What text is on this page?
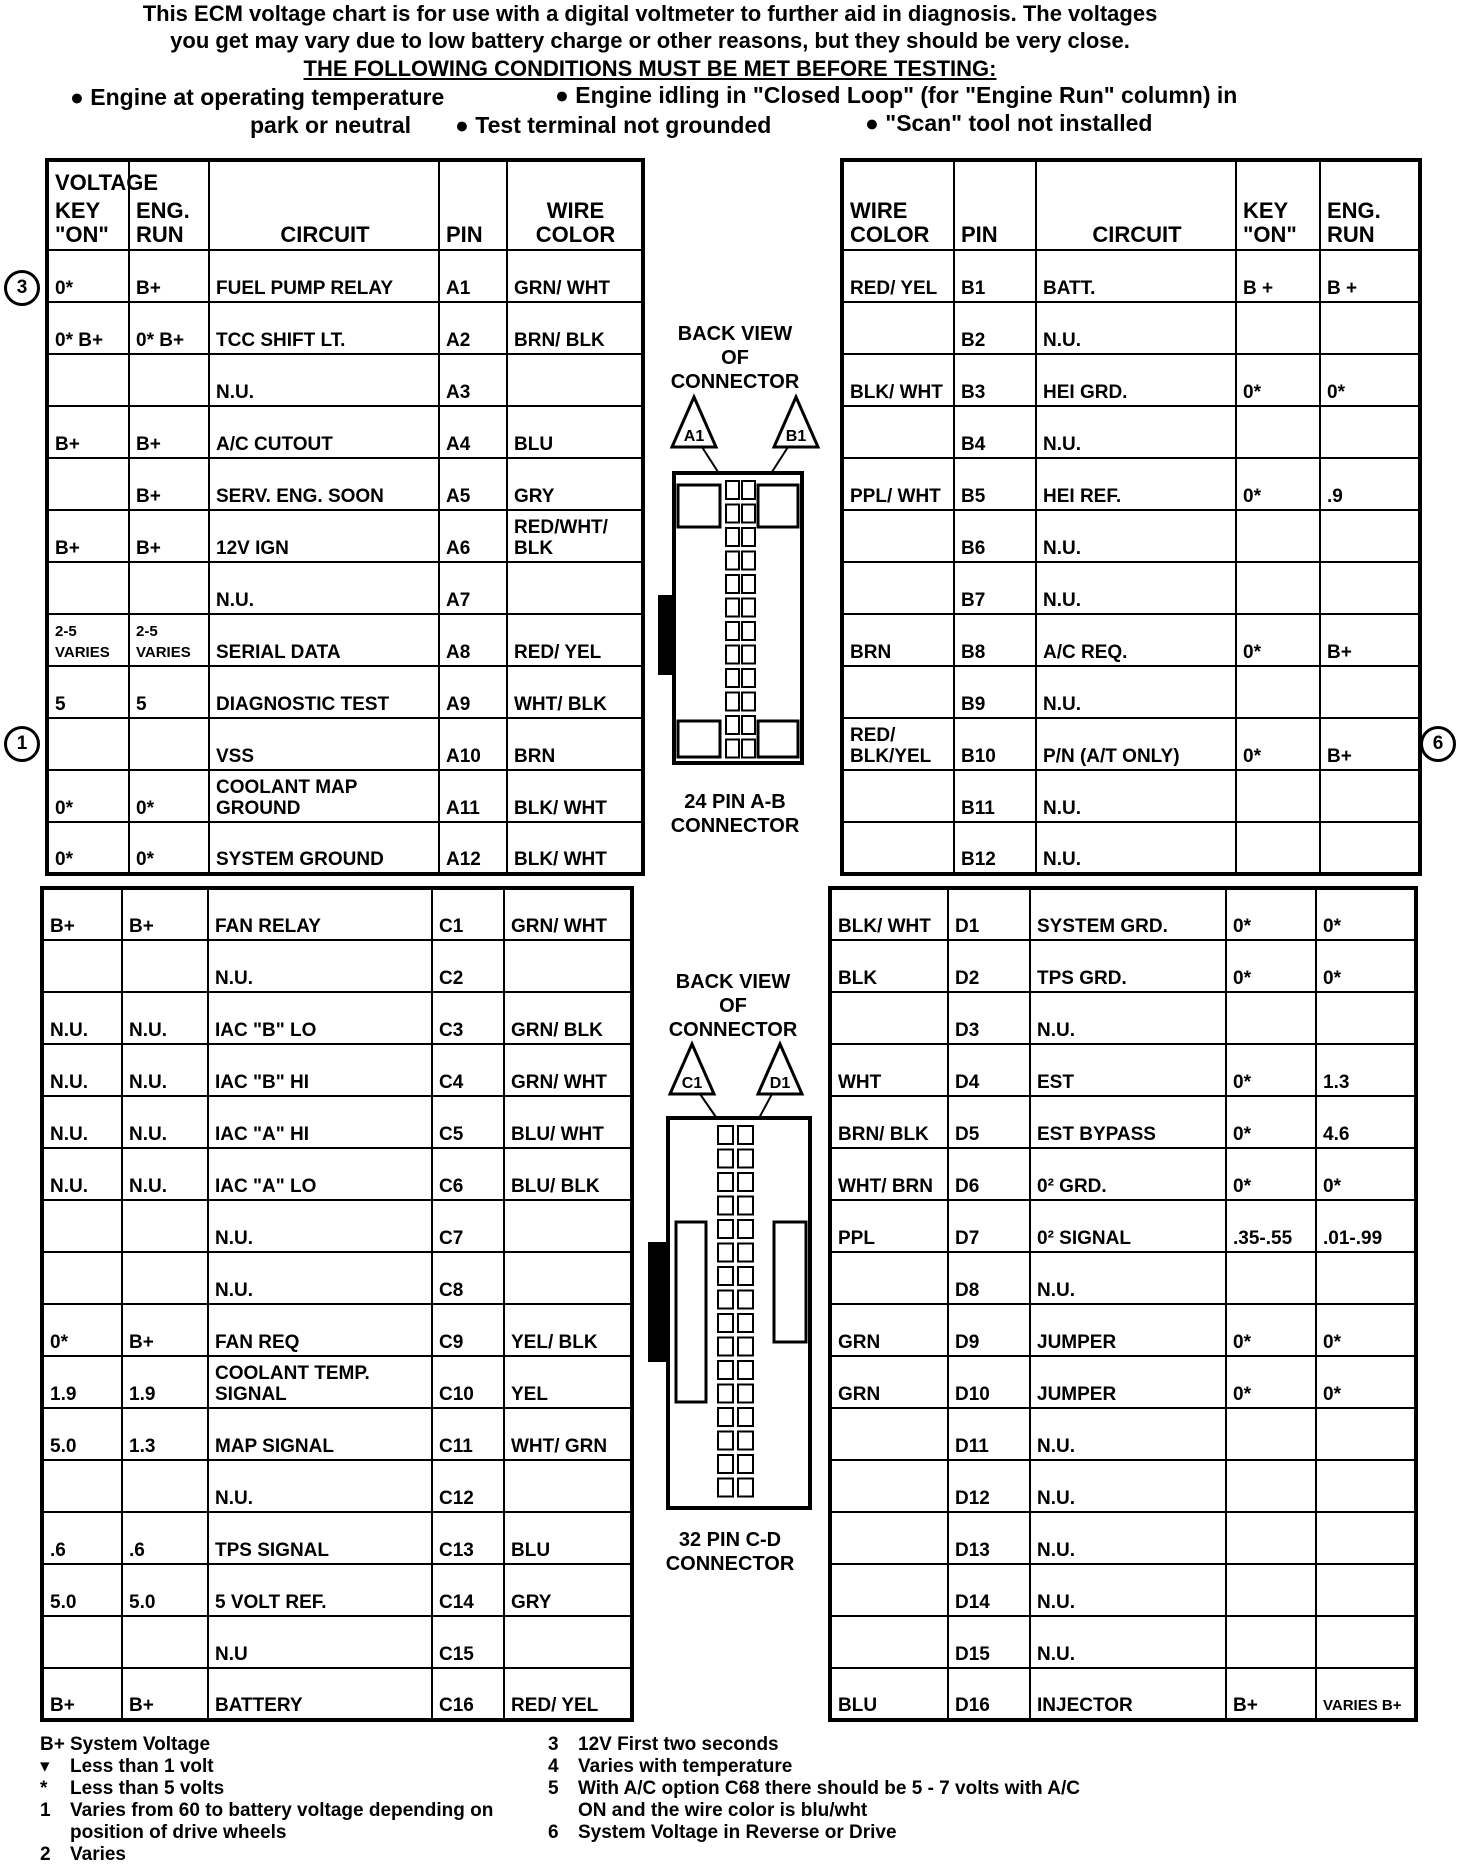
This ECM voltage chart is for use with a digital voltmeter to further aid in diagnosis. The voltages
you get may vary due to low battery charge or other reasons, but they should be very close.
THE FOLLOWING CONDITIONS MUST BE MET BEFORE TESTING:
● Engine at operating temperature	● Engine idling in "Closed Loop" (for "Engine Run" column) in
park or neutral ● Test terminal not grounded	● "Scan" tool not installed
VOLTAGE
KEY
"ON"	ENG.
RUN	CIRCUIT	PIN	WIRE
COLOR

0*	B+	FUEL PUMP RELAY	A1	GRN/ WHT
0* B+	0* B+	TCC SHIFT LT.	A2	BRN/ BLK
		N.U.	A3	
B+	B+	A/C CUTOUT	A4	BLU
	B+	SERV. ENG. SOON	A5	GRY
B+	B+	12V IGN	A6	RED/WHT/ BLK
		N.U.	A7	
2-5 VARIES	2-5 VARIES	SERIAL DATA	A8	RED/ YEL
5	5	DIAGNOSTIC TEST	A9	WHT/ BLK
		VSS	A10	BRN
0*	0*	COOLANT MAP GROUND	A11	BLK/ WHT
0*	0*	SYSTEM GROUND	A12	BLK/ WHT
WIRE
COLOR	PIN	CIRCUIT	KEY
"ON"	ENG.
RUN

RED/ YEL	B1	BATT.	B +	B +
	B2	N.U.		
BLK/ WHT	B3	HEI GRD.	0*	0*
	B4	N.U.		
PPL/ WHT	B5	HEI REF.	0*	.9
	B6	N.U.		
	B7	N.U.		
BRN	B8	A/C REQ.	0*	B+
	B9	N.U.		
RED/ BLK/YEL	B10	P/N (A/T ONLY)	0*	B+
	B11	N.U.		
	B12	N.U.		
B+	B+	FAN RELAY	C1	GRN/ WHT
		N.U.	C2	
N.U.	N.U.	IAC "B" LO	C3	GRN/ BLK
N.U.	N.U.	IAC "B" HI	C4	GRN/ WHT
N.U.	N.U.	IAC "A" HI	C5	BLU/ WHT
N.U.	N.U.	IAC "A" LO	C6	BLU/ BLK
		N.U.	C7	
		N.U.	C8	
0*	B+	FAN REQ	C9	YEL/ BLK
1.9	1.9	COOLANT TEMP. SIGNAL	C10	YEL
5.0	1.3	MAP SIGNAL	C11	WHT/ GRN
		N.U.	C12	
.6	.6	TPS SIGNAL	C13	BLU
5.0	5.0	5 VOLT REF.	C14	GRY
		N.U	C15	
B+	B+	BATTERY	C16	RED/ YEL
BLK/ WHT	D1	SYSTEM GRD.	0*	0*
BLK	D2	TPS GRD.	0*	0*
	D3	N.U.		
WHT	D4	EST	0*	1.3
BRN/ BLK	D5	EST BYPASS	0*	4.6
WHT/ BRN	D6	0² GRD.	0*	0*
PPL	D7	0² SIGNAL	.35-.55	.01-.99
	D8	N.U.		
GRN	D9	JUMPER	0*	0*
GRN	D10	JUMPER	0*	0*
	D11	N.U.		
	D12	N.U.		
	D13	N.U.		
	D14	N.U.		
	D15	N.U.		
BLU	D16	INJECTOR	B+	VARIES B+
3
1	6
BACK VIEW
OF
CONNECTOR
A1	B1
24 PIN A-B
CONNECTOR
BACK VIEW
OF
CONNECTOR
C1	D1
32 PIN C-D
CONNECTOR
B+ System Voltage
▾	Less than 1 volt
*	Less than 5 volts
1	Varies from 60 to battery voltage depending on position of drive wheels
2	Varies
3	12V First two seconds
4	Varies with temperature
5	With A/C option C68 there should be 5 - 7 volts with A/C ON and the wire color is blu/wht
6	System Voltage in Reverse or Drive
